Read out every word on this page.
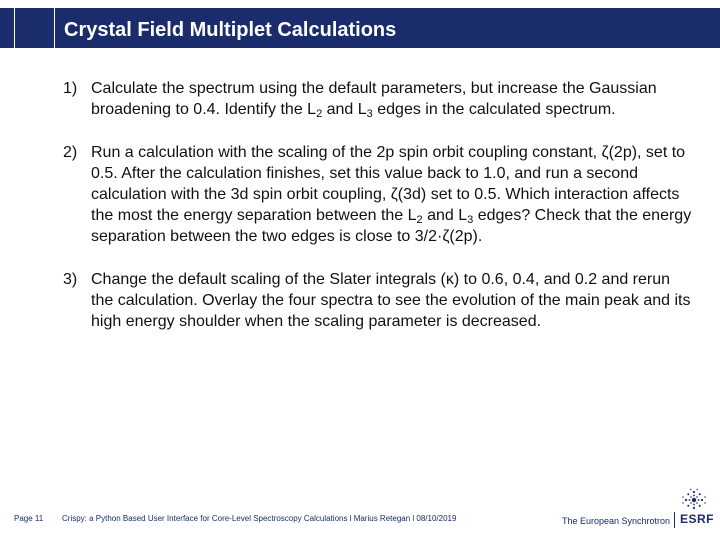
Crystal Field Multiplet Calculations
1) Calculate the spectrum using the default parameters, but increase the Gaussian broadening to 0.4. Identify the $L_2$ and $L_3$ edges in the calculated spectrum.
2) Run a calculation with the scaling of the 2p spin orbit coupling constant, ζ(2p), set to 0.5. After the calculation finishes, set this value back to 1.0, and run a second calculation with the 3d spin orbit coupling, ζ(3d) set to 0.5. Which interaction affects the most the energy separation between the $L_2$ and $L_3$ edges? Check that the energy separation between the two edges is close to 3/2·ζ(2p).
3) Change the default scaling of the Slater integrals (κ) to 0.6, 0.4, and 0.2 and rerun the calculation. Overlay the four spectra to see the evolution of the main peak and its high energy shoulder when the scaling parameter is decreased.
Page 11 Crispy: a Python Based User Interface for Core-Level Spectroscopy Calculations l Marius Retegan l 08/10/2019	The European Synchrotron ESRF
